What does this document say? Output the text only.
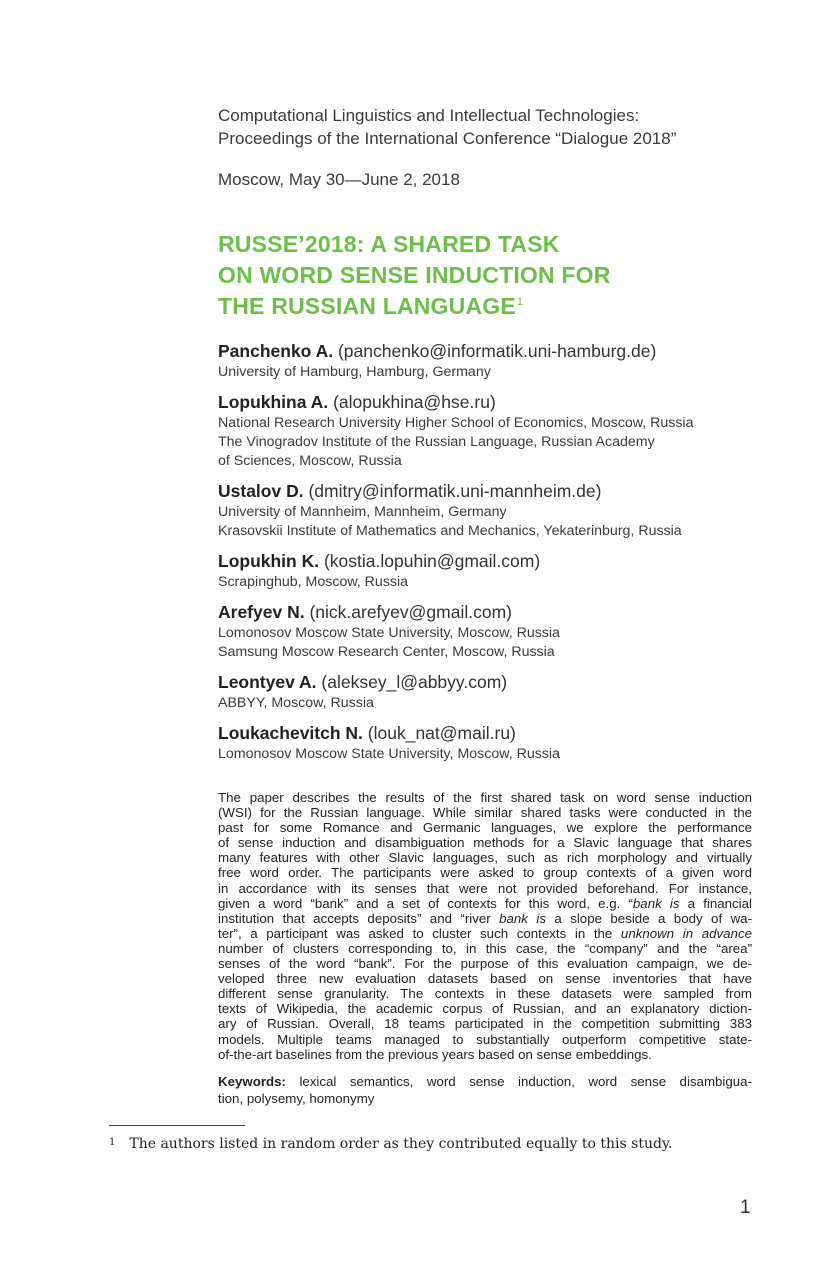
Computational Linguistics and Intellectual Technologies:
Proceedings of the International Conference “Dialogue 2018”
Moscow, May 30—June 2, 2018
RUSSE’2018: A SHARED TASK
ON WORD SENSE INDUCTION FOR
THE RUSSIAN LANGUAGE$^1$
Panchenko A. (panchenko@informatik.uni-hamburg.de)
University of Hamburg, Hamburg, Germany
Lopukhina A. (alopukhina@hse.ru)
National Research University Higher School of Economics, Moscow, Russia
The Vinogradov Institute of the Russian Language, Russian Academy
of Sciences, Moscow, Russia
Ustalov D. (dmitry@informatik.uni-mannheim.de)
University of Mannheim, Mannheim, Germany
Krasovskii Institute of Mathematics and Mechanics, Yekaterinburg, Russia
Lopukhin K. (kostia.lopuhin@gmail.com)
Scrapinghub, Moscow, Russia
Arefyev N. (nick.arefyev@gmail.com)
Lomonosov Moscow State University, Moscow, Russia
Samsung Moscow Research Center, Moscow, Russia
Leontyev A. (aleksey_l@abbyy.com)
ABBYY, Moscow, Russia
Loukachevitch N. (louk_nat@mail.ru)
Lomonosov Moscow State University, Moscow, Russia
The paper describes the results of the first shared task on word sense induction
(WSI) for the Russian language. While similar shared tasks were conducted in the
past for some Romance and Germanic languages, we explore the performance
of sense induction and disambiguation methods for a Slavic language that shares
many features with other Slavic languages, such as rich morphology and virtually
free word order. The participants were asked to group contexts of a given word
in accordance with its senses that were not provided beforehand. For instance,
given a word “bank” and a set of contexts for this word, e.g. “bank is a financial
institution that accepts deposits” and “river bank is a slope beside a body of wa-
ter”, a participant was asked to cluster such contexts in the unknown in advance
number of clusters corresponding to, in this case, the “company” and the “area”
senses of the word “bank”. For the purpose of this evaluation campaign, we de-
veloped three new evaluation datasets based on sense inventories that have
different sense granularity. The contexts in these datasets were sampled from
texts of Wikipedia, the academic corpus of Russian, and an explanatory diction-
ary of Russian. Overall, 18 teams participated in the competition submitting 383
models. Multiple teams managed to substantially outperform competitive state-
of-the-art baselines from the previous years based on sense embeddings.
Keywords: lexical semantics, word sense induction, word sense disambigua-
tion, polysemy, homonymy
$^1$ The authors listed in random order as they contributed equally to this study.
1
